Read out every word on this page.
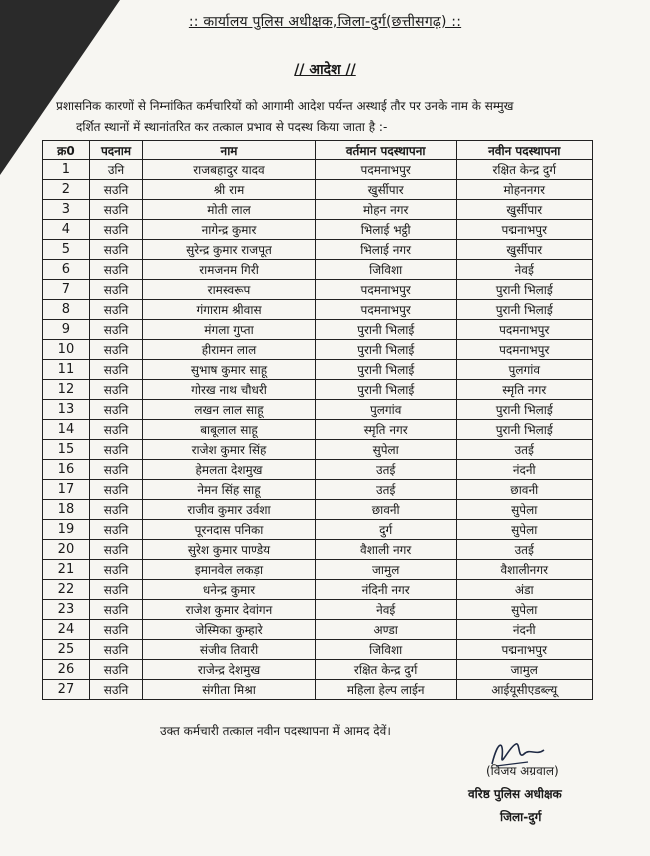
:: कार्यालय पुलिस अधीक्षक,जिला-दुर्ग(छत्तीसगढ़) ::
// आदेश //
प्रशासनिक कारणों से निम्नांकित कर्मचारियों को आगामी आदेश पर्यन्त अस्थाई तौर पर उनके नाम के सम्मुख
दर्शित स्थानों में स्थानांतरित कर तत्काल प्रभाव से पदस्थ किया जाता है :-
क्र0	पदनाम	नाम	वर्तमान पदस्थापना	नवीन पदस्थापना
1	उनि	राजबहादुर यादव	पदमनाभपुर	रक्षित केन्द्र दुर्ग
2	सउनि	श्री राम	खुर्सीपार	मोहननगर
3	सउनि	मोती लाल	मोहन नगर	खुर्सीपार
4	सउनि	नागेन्द्र कुमार	भिलाई भट्ठी	पद्मनाभपुर
5	सउनि	सुरेन्द्र कुमार राजपूत	भिलाई नगर	खुर्सीपार
6	सउनि	रामजनम गिरी	जिविशा	नेवई
7	सउनि	रामस्वरूप	पदमनाभपुर	पुरानी भिलाई
8	सउनि	गंगाराम श्रीवास	पदमनाभपुर	पुरानी भिलाई
9	सउनि	मंगला गुप्ता	पुरानी भिलाई	पदमनाभपुर
10	सउनि	हीरामन लाल	पुरानी भिलाई	पदमनाभपुर
11	सउनि	सुभाष कुमार साहू	पुरानी भिलाई	पुलगांव
12	सउनि	गोरख नाथ चौधरी	पुरानी भिलाई	स्मृति नगर
13	सउनि	लखन लाल साहू	पुलगांव	पुरानी भिलाई
14	सउनि	बाबूलाल साहू	स्मृति नगर	पुरानी भिलाई
15	सउनि	राजेश कुमार सिंह	सुपेला	उतई
16	सउनि	हेमलता देशमुख	उतई	नंदनी
17	सउनि	नेमन सिंह साहू	उतई	छावनी
18	सउनि	राजीव कुमार उर्वशा	छावनी	सुपेला
19	सउनि	पूरनदास पनिका	दुर्ग	सुपेला
20	सउनि	सुरेश कुमार पाण्डेय	वैशाली नगर	उतई
21	सउनि	इमानवेल लकड़ा	जामुल	वैशालीनगर
22	सउनि	धनेन्द्र कुमार	नंदिनी नगर	अंडा
23	सउनि	राजेश कुमार देवांगन	नेवई	सुपेला
24	सउनि	जेस्मिका कुम्हारे	अण्डा	नंदनी
25	सउनि	संजीव तिवारी	जिविशा	पद्मनाभपुर
26	सउनि	राजेन्द्र देशमुख	रक्षित केन्द्र दुर्ग	जामुल
27	सउनि	संगीता मिश्रा	महिला हेल्प लाईन	आईयूसीएडब्ल्यू
उक्त कर्मचारी तत्काल नवीन पदस्थापना में आमद देवें।
(विजय अग्रवाल)
वरिष्ठ पुलिस अधीक्षक
जिला-दुर्ग
